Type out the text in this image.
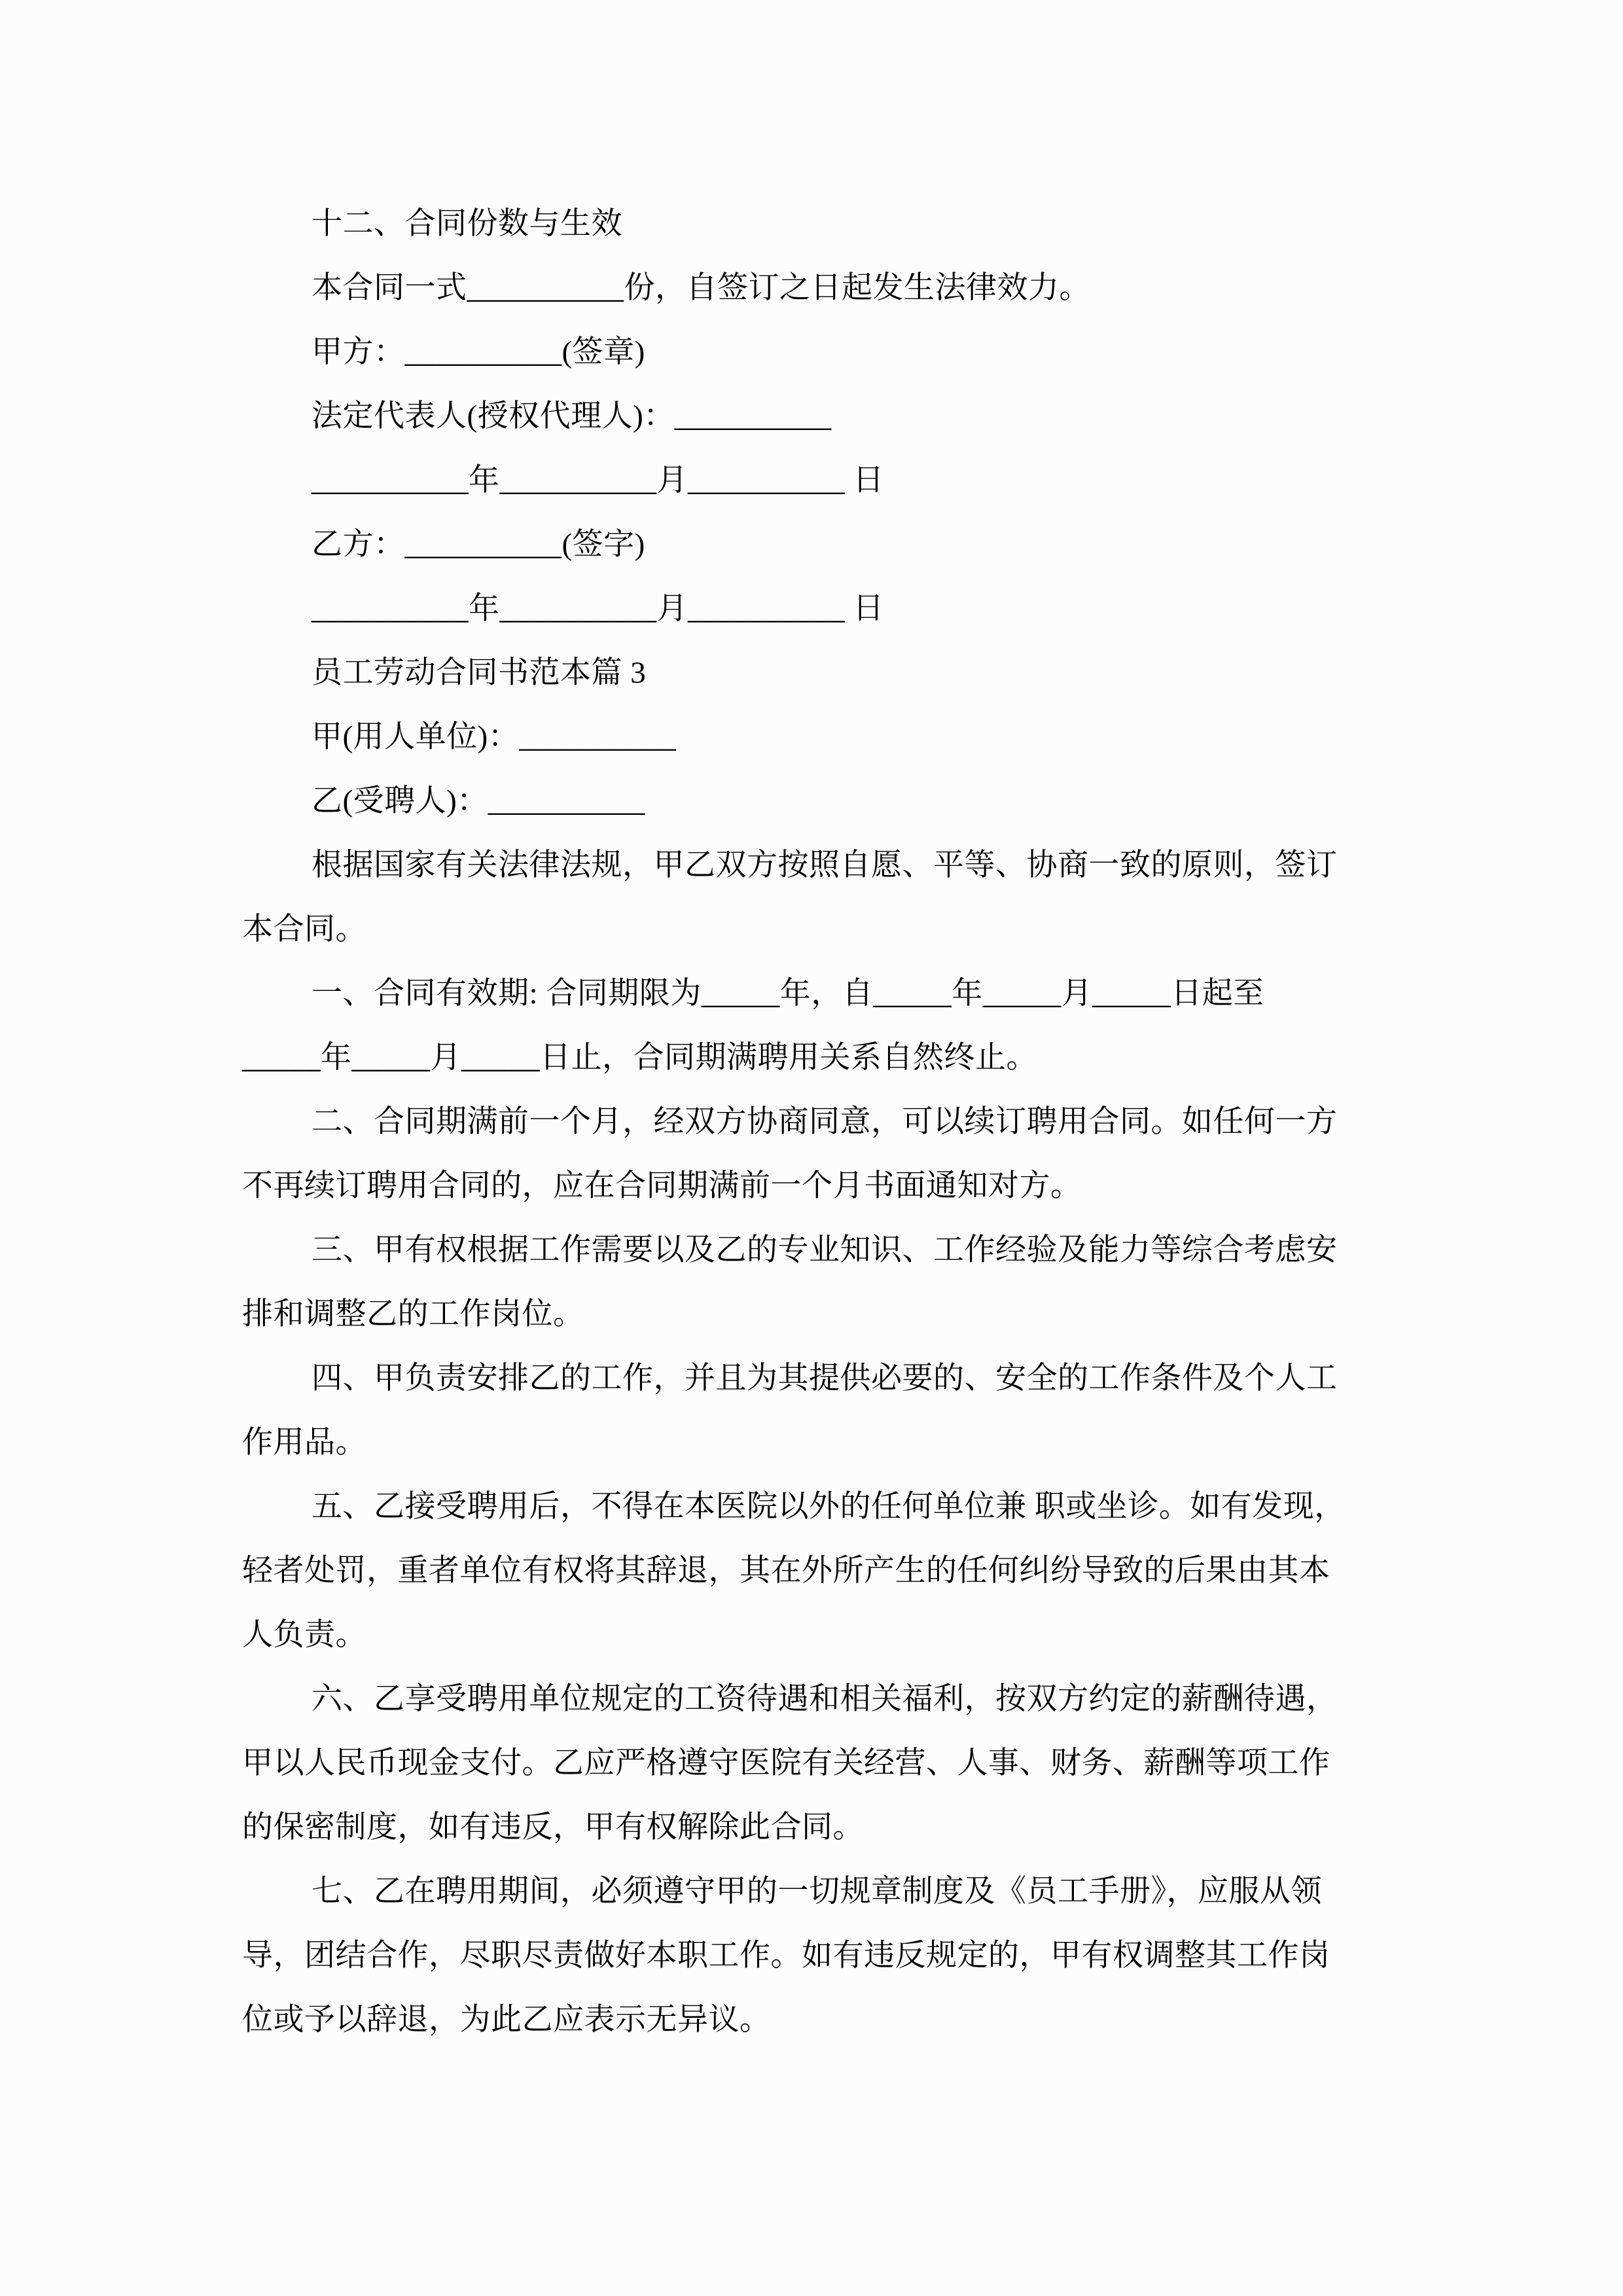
十二、合同份数与生效
本合同一式__________份，自签订之日起发生法律效力。
甲方：__________(签章)
法定代表人(授权代理人)：__________
__________年__________月__________ 日
乙方：__________(签字)
__________年__________月__________ 日
员工劳动合同书范本篇 3
甲(用人单位)：__________
乙(受聘人)：__________
根据国家有关法律法规，甲乙双方按照自愿、平等、协商一致的原则，签订
本合同。
一、合同有效期: 合同期限为_____年，自_____年_____月_____日起至
_____年_____月_____日止，合同期满聘用关系自然终止。
二、合同期满前一个月，经双方协商同意，可以续订聘用合同。如任何一方
不再续订聘用合同的，应在合同期满前一个月书面通知对方。
三、甲有权根据工作需要以及乙的专业知识、工作经验及能力等综合考虑安
排和调整乙的工作岗位。
四、甲负责安排乙的工作，并且为其提供必要的、安全的工作条件及个人工
作用品。
五、乙接受聘用后，不得在本医院以外的任何单位兼 职或坐诊。如有发现，
轻者处罚，重者单位有权将其辞退，其在外所产生的任何纠纷导致的后果由其本
人负责。
六、乙享受聘用单位规定的工资待遇和相关福利，按双方约定的薪酬待遇，
甲以人民币现金支付。乙应严格遵守医院有关经营、人事、财务、薪酬等项工作
的保密制度，如有违反，甲有权解除此合同。
七、乙在聘用期间，必须遵守甲的一切规章制度及《员工手册》，应服从领
导，团结合作，尽职尽责做好本职工作。如有违反规定的，甲有权调整其工作岗
位或予以辞退，为此乙应表示无异议。
